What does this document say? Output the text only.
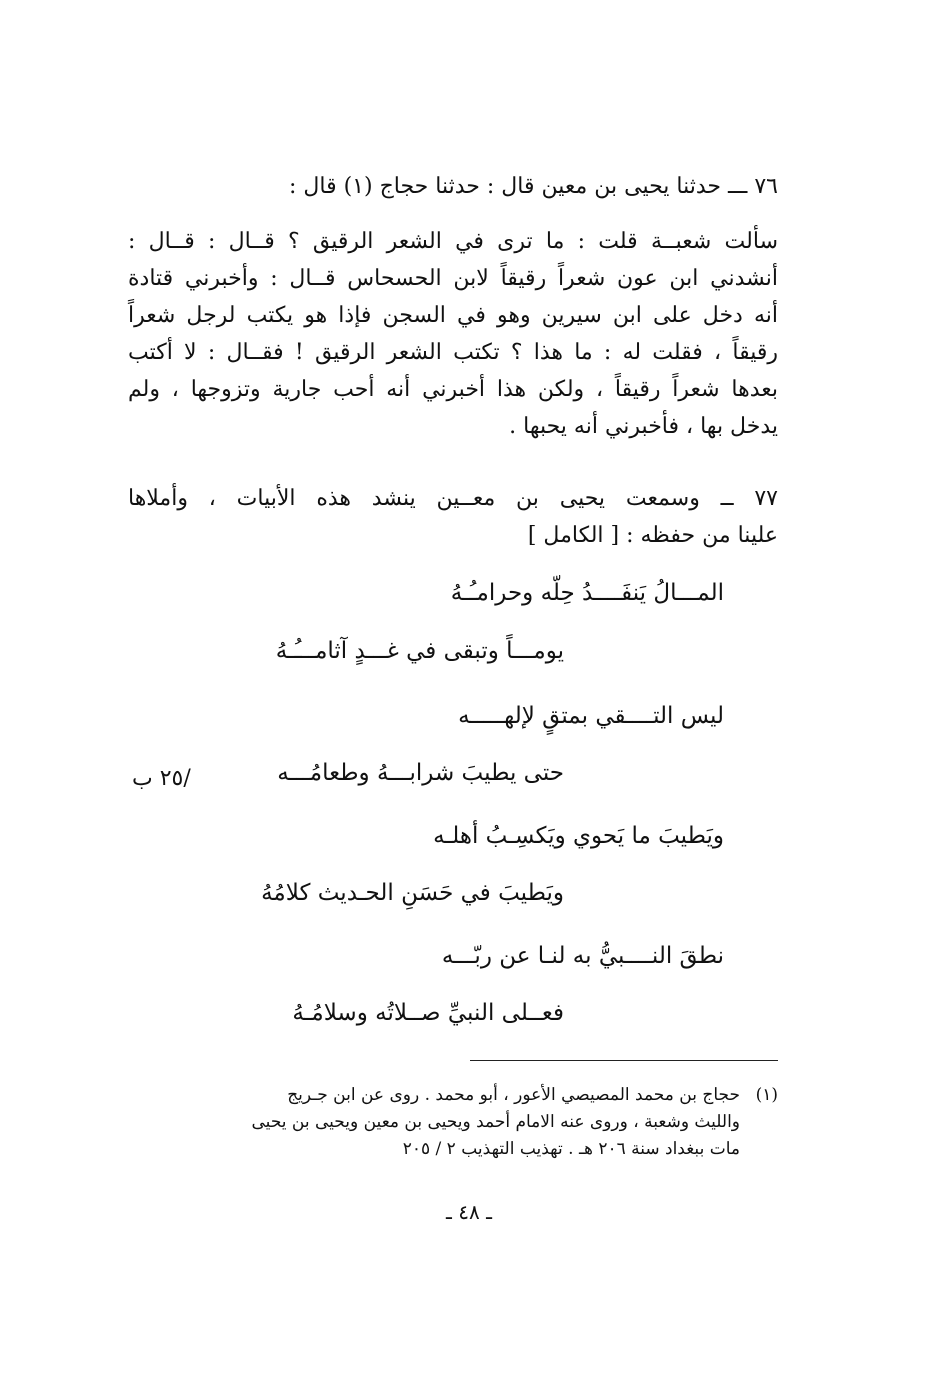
٧٦ ـــ حدثنا يحيى بن معين قال : حدثنا حجاج (١) قال :
سألت شعبــة قلت : ما ترى في الشعر الرقيق ؟ قــال : قــال :
أنشدني ابن عون شعراً رقيقاً لابن الحسحاس قــال : وأخبرني قتادة
أنه دخل على ابن سيرين وهو في السجن فإذا هو يكتب لرجل شعراً
رقيقاً ، فقلت له : ما هذا ؟ تكتب الشعر الرقيق ! فقــال : لا أكتب
بعدها شعراً رقيقاً ، ولكن هذا أخبرني أنه أحب جارية وتزوجها ، ولم
يدخل بها ، فأخبرني أنه يحبها .
٧٧ ــ وسمعت يحيى بن معــين ينشد هذه الأبيات ، وأملاها
علينا من حفظه : [ الكامل ]
المـــالُ يَنفَــــدُ حِلّه وحرامـُـهُ
يومـــاً وتبقى في غـــدٍ آثامـــُـهُ
ليس التــــقي بمتقٍ لإلهـــــه
حتى يطيبَ شرابـــهُ وطعامُـــه
ويَطيبَ ما يَحوي ويَكسِـبُ أهلـه
ويَطيبَ في حَسَنِ الحـديث كلامُهُ
نطقَ النــــبيُّ به لنـا عن ربّـــه
فعــلى النبيِّ صــلاتُه وسلامُـهُ
/٢٥ ب
(١)
حجاج بن محمد المصيصي الأعور ، أبو محمد . روى عن ابن جـريج
والليث وشعبة ، وروى عنه الامام أحمد ويحيى بن معين ويحيى بن يحيى
مات ببغداد سنة ٢٠٦ هـ . تهذيب التهذيب ٢ / ٢٠٥
ـ ٤٨ ـ
